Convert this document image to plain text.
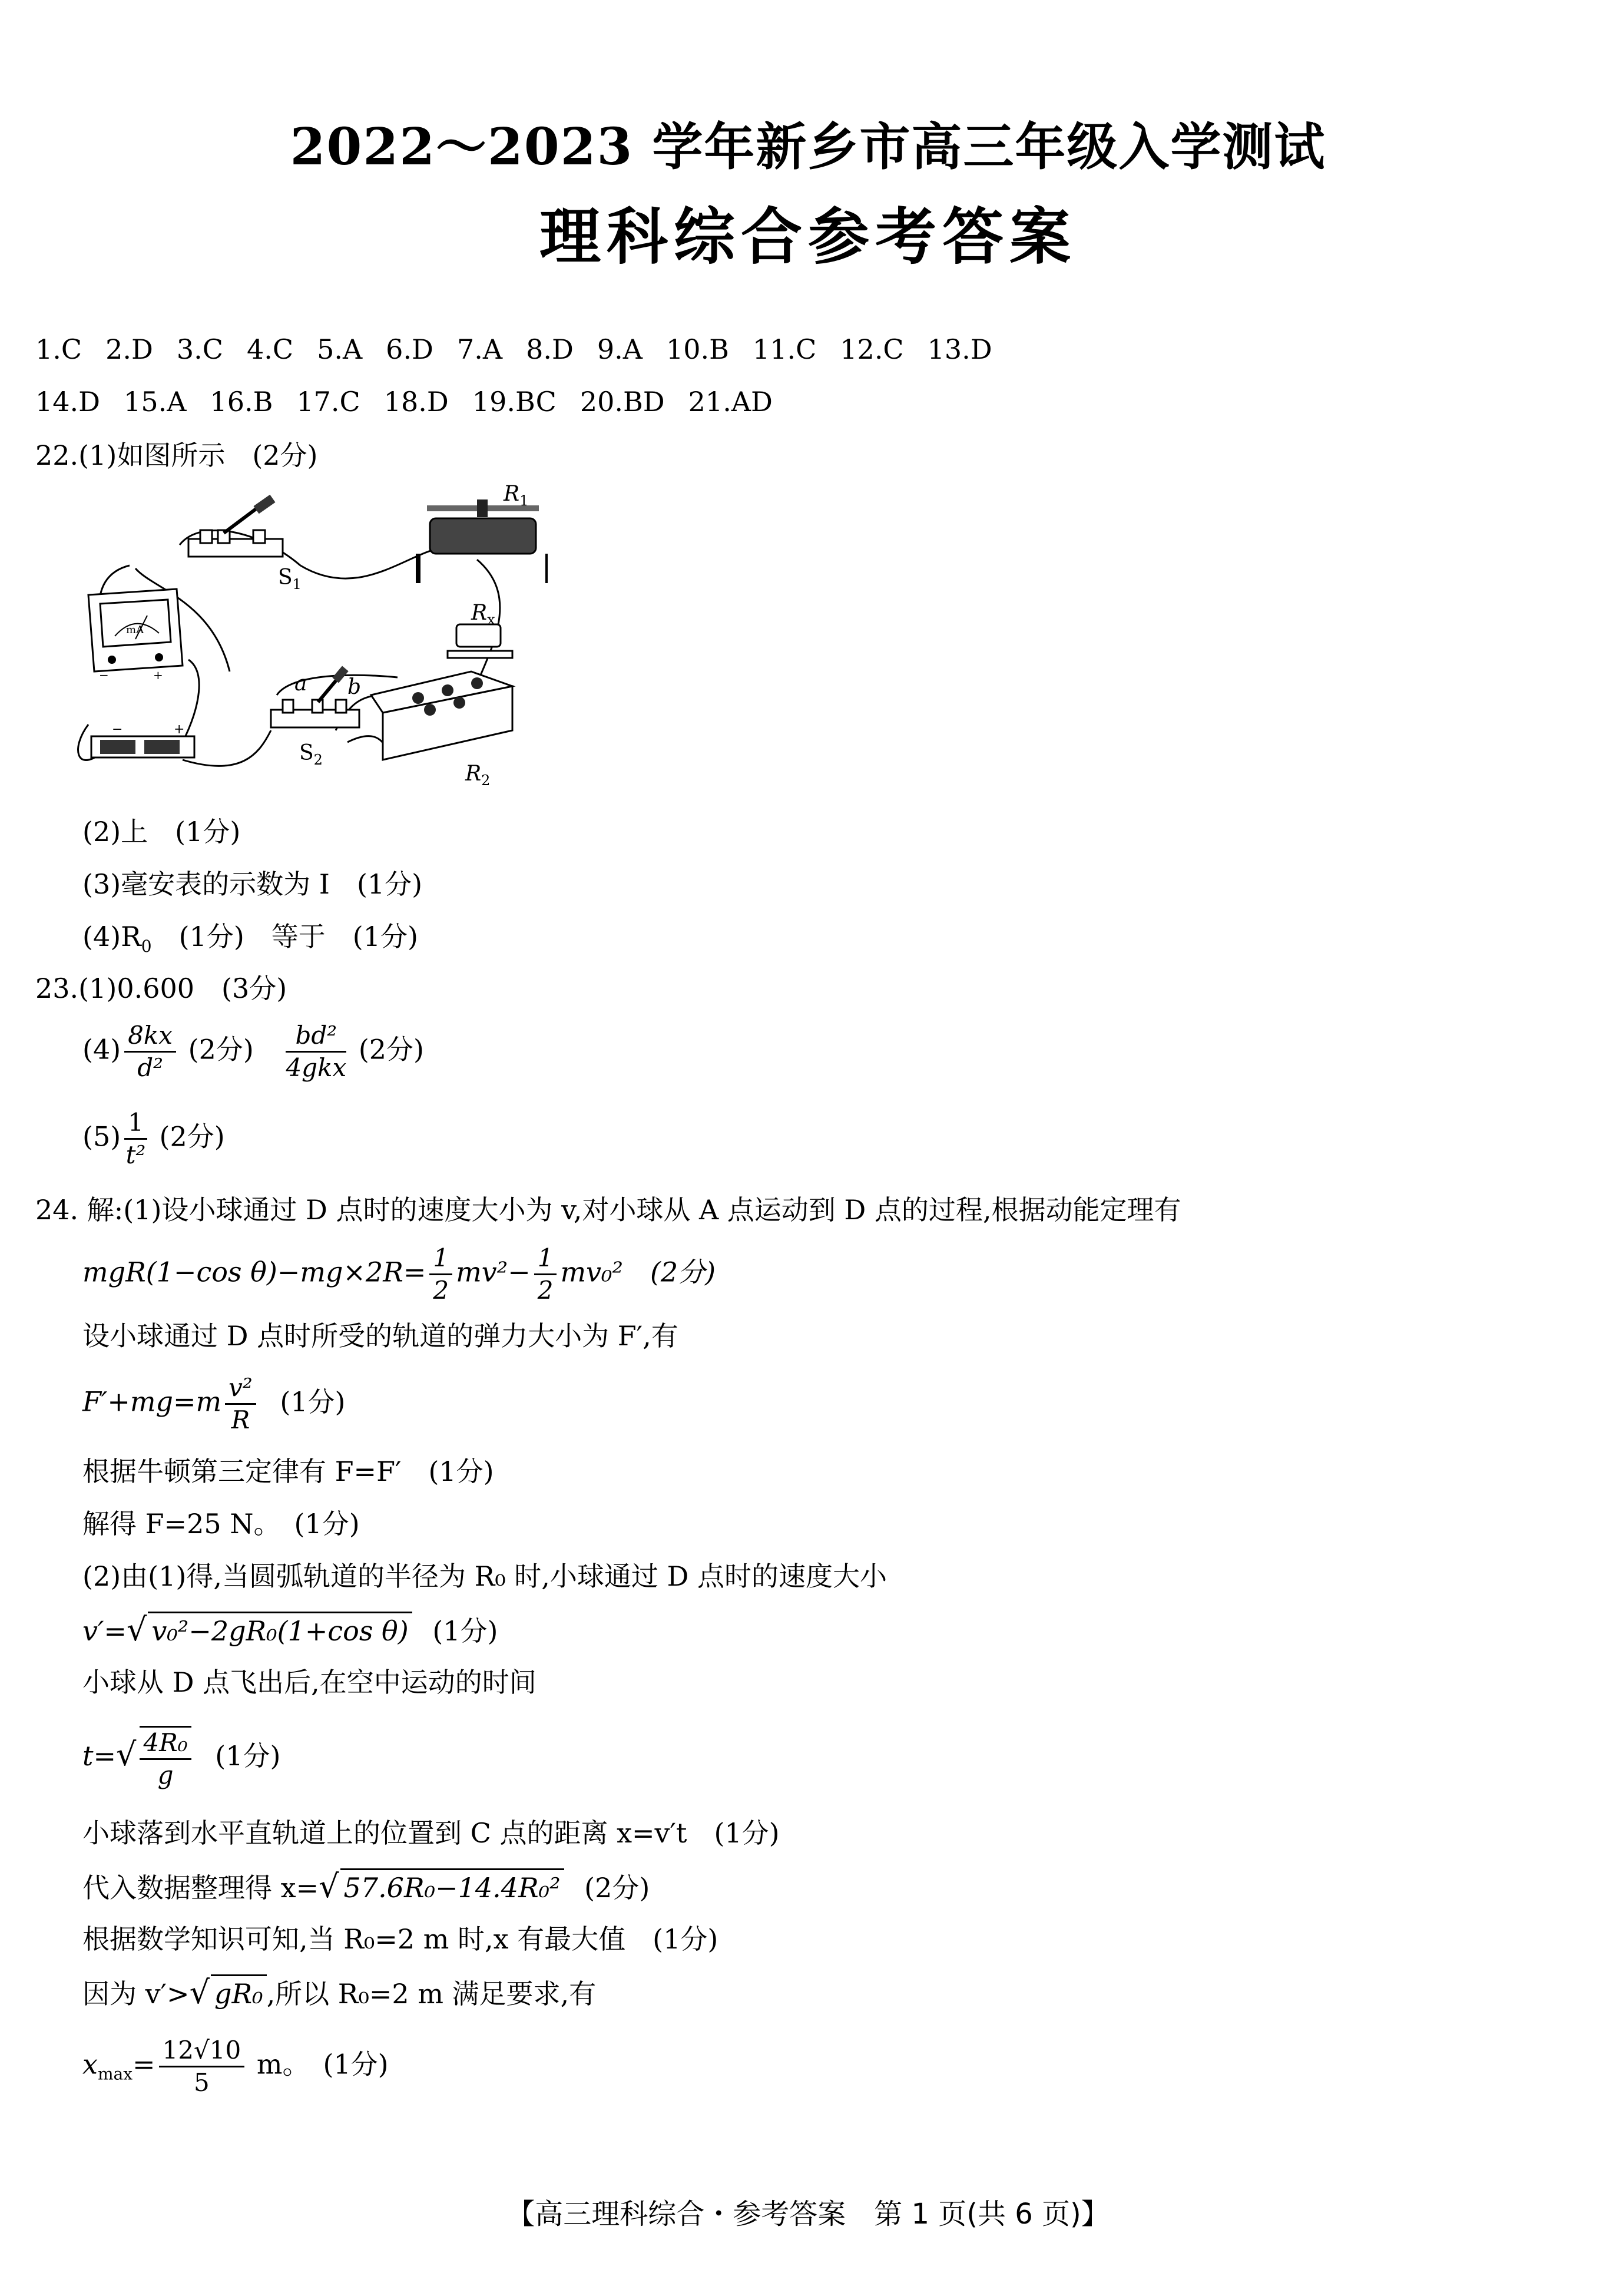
2022～2023 学年新乡市高三年级入学测试
理科综合参考答案
1.C 2.D 3.C 4.C 5.A 6.D 7.A 8.D 9.A 10.B 11.C 12.C 13.D
14.D 15.A 16.B 17.C 18.D 19.BC 20.BD 21.AD
22.(1)如图所示　(2分)
$S_1$
$R_1$
$R_x$
mA
−	+
−	+
a b
$S_2$
$R_2$
(2)上　(1分)
(3)毫安表的示数为 I　(1分)
$(4)R_0$　(1分)　等于　(1分)
23.(1)0.600　(3分)
$(4) \frac{8kx}{\text{d²}} (2$分) $\frac{\text{bd²}}{\text{4gkx}} (2$分)
$(5) \frac{1}{\text{t²}} (2$分)
24. 解:(1)设小球通过 D 点时的速度大小为 v,对小球从 A 点运动到 D 点的过程,根据动能定理有
mgR(1−cos $\theta)-mg\times 2R= \frac{1}{2} mv^2- \frac{1}{2} mv_0^2$　(2分)
设小球通过 D 点时所受的轨道的弹力大小为 F′,有
$F'+mg=m \frac{\text{v²}}{R} (1$分)
根据牛顿第三定律有 F=F′　(1分)
解得 F=25 N。　(1分)
(2)由(1)得,当圆弧轨道的半径为 R₀ 时,小球通过 D 点时的速度大小
v′=√ v₀²−2gR₀(1+cos θ) (1分)
小球从 D 点飞出后,在空中运动的时间
$t=√ \frac{\text{4R₀}}{g} (1$分)
小球落到水平直轨道上的位置到 C 点的距离 x=v′t　(1分)
代入数据整理得 x=√ 57.6R₀−14.4R₀² (2分)
根据数学知识可知,当 R₀=2 m 时,x 有最大值　(1分)
因为 v′>√ gR₀ ,所以 R₀=2 m 满足要求,有
$x_{max}= \frac{12√10}{5}$ m。　(1分)
【高三理科综合・参考答案　第 1 页(共 6 页)】
